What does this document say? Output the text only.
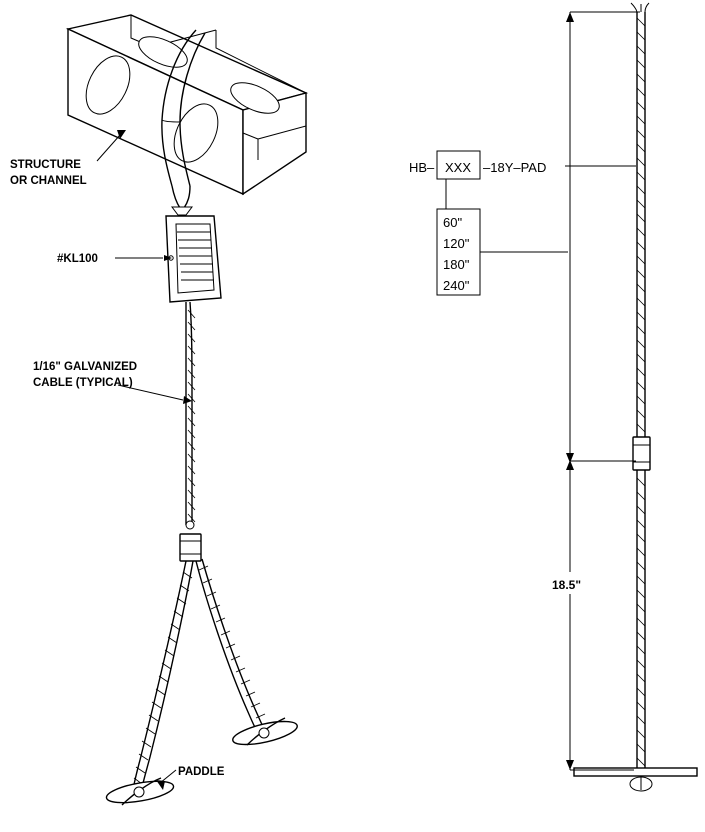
STRUCTURE
OR CHANNEL
#KL100
1/16" GALVANIZED
CABLE (TYPICAL)
PADDLE
18.5"
HB– XXX –18Y–PAD
60"
120"
180"
240"
